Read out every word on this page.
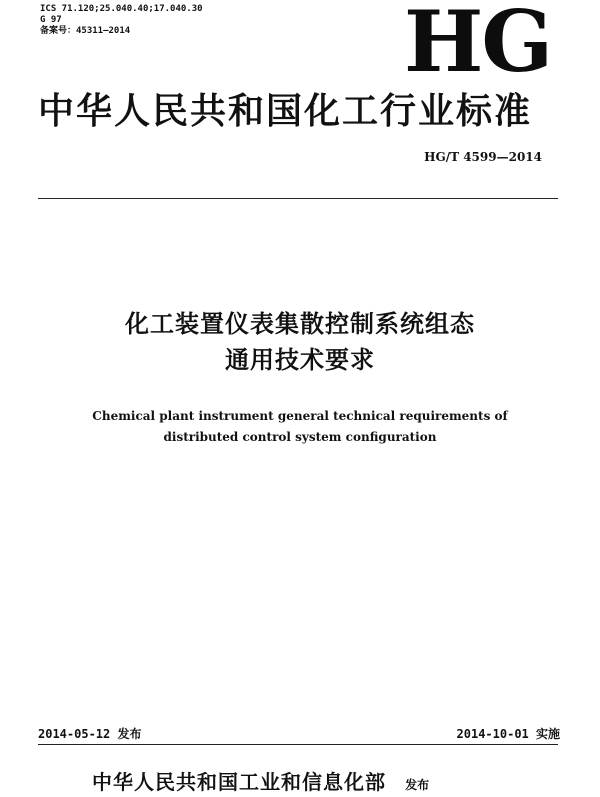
ICS 71.120;25.040.40;17.040.30
G 97
备案号：45311—2014	HG
中华人民共和国化工行业标准
HG/T 4599—2014
化工装置仪表集散控制系统组态
通用技术要求
Chemical plant instrument general technical requirements of
distributed control system configuration
2014-05-12 发布	2014-10-01 实施
中华人民共和国工业和信息化部 发布
